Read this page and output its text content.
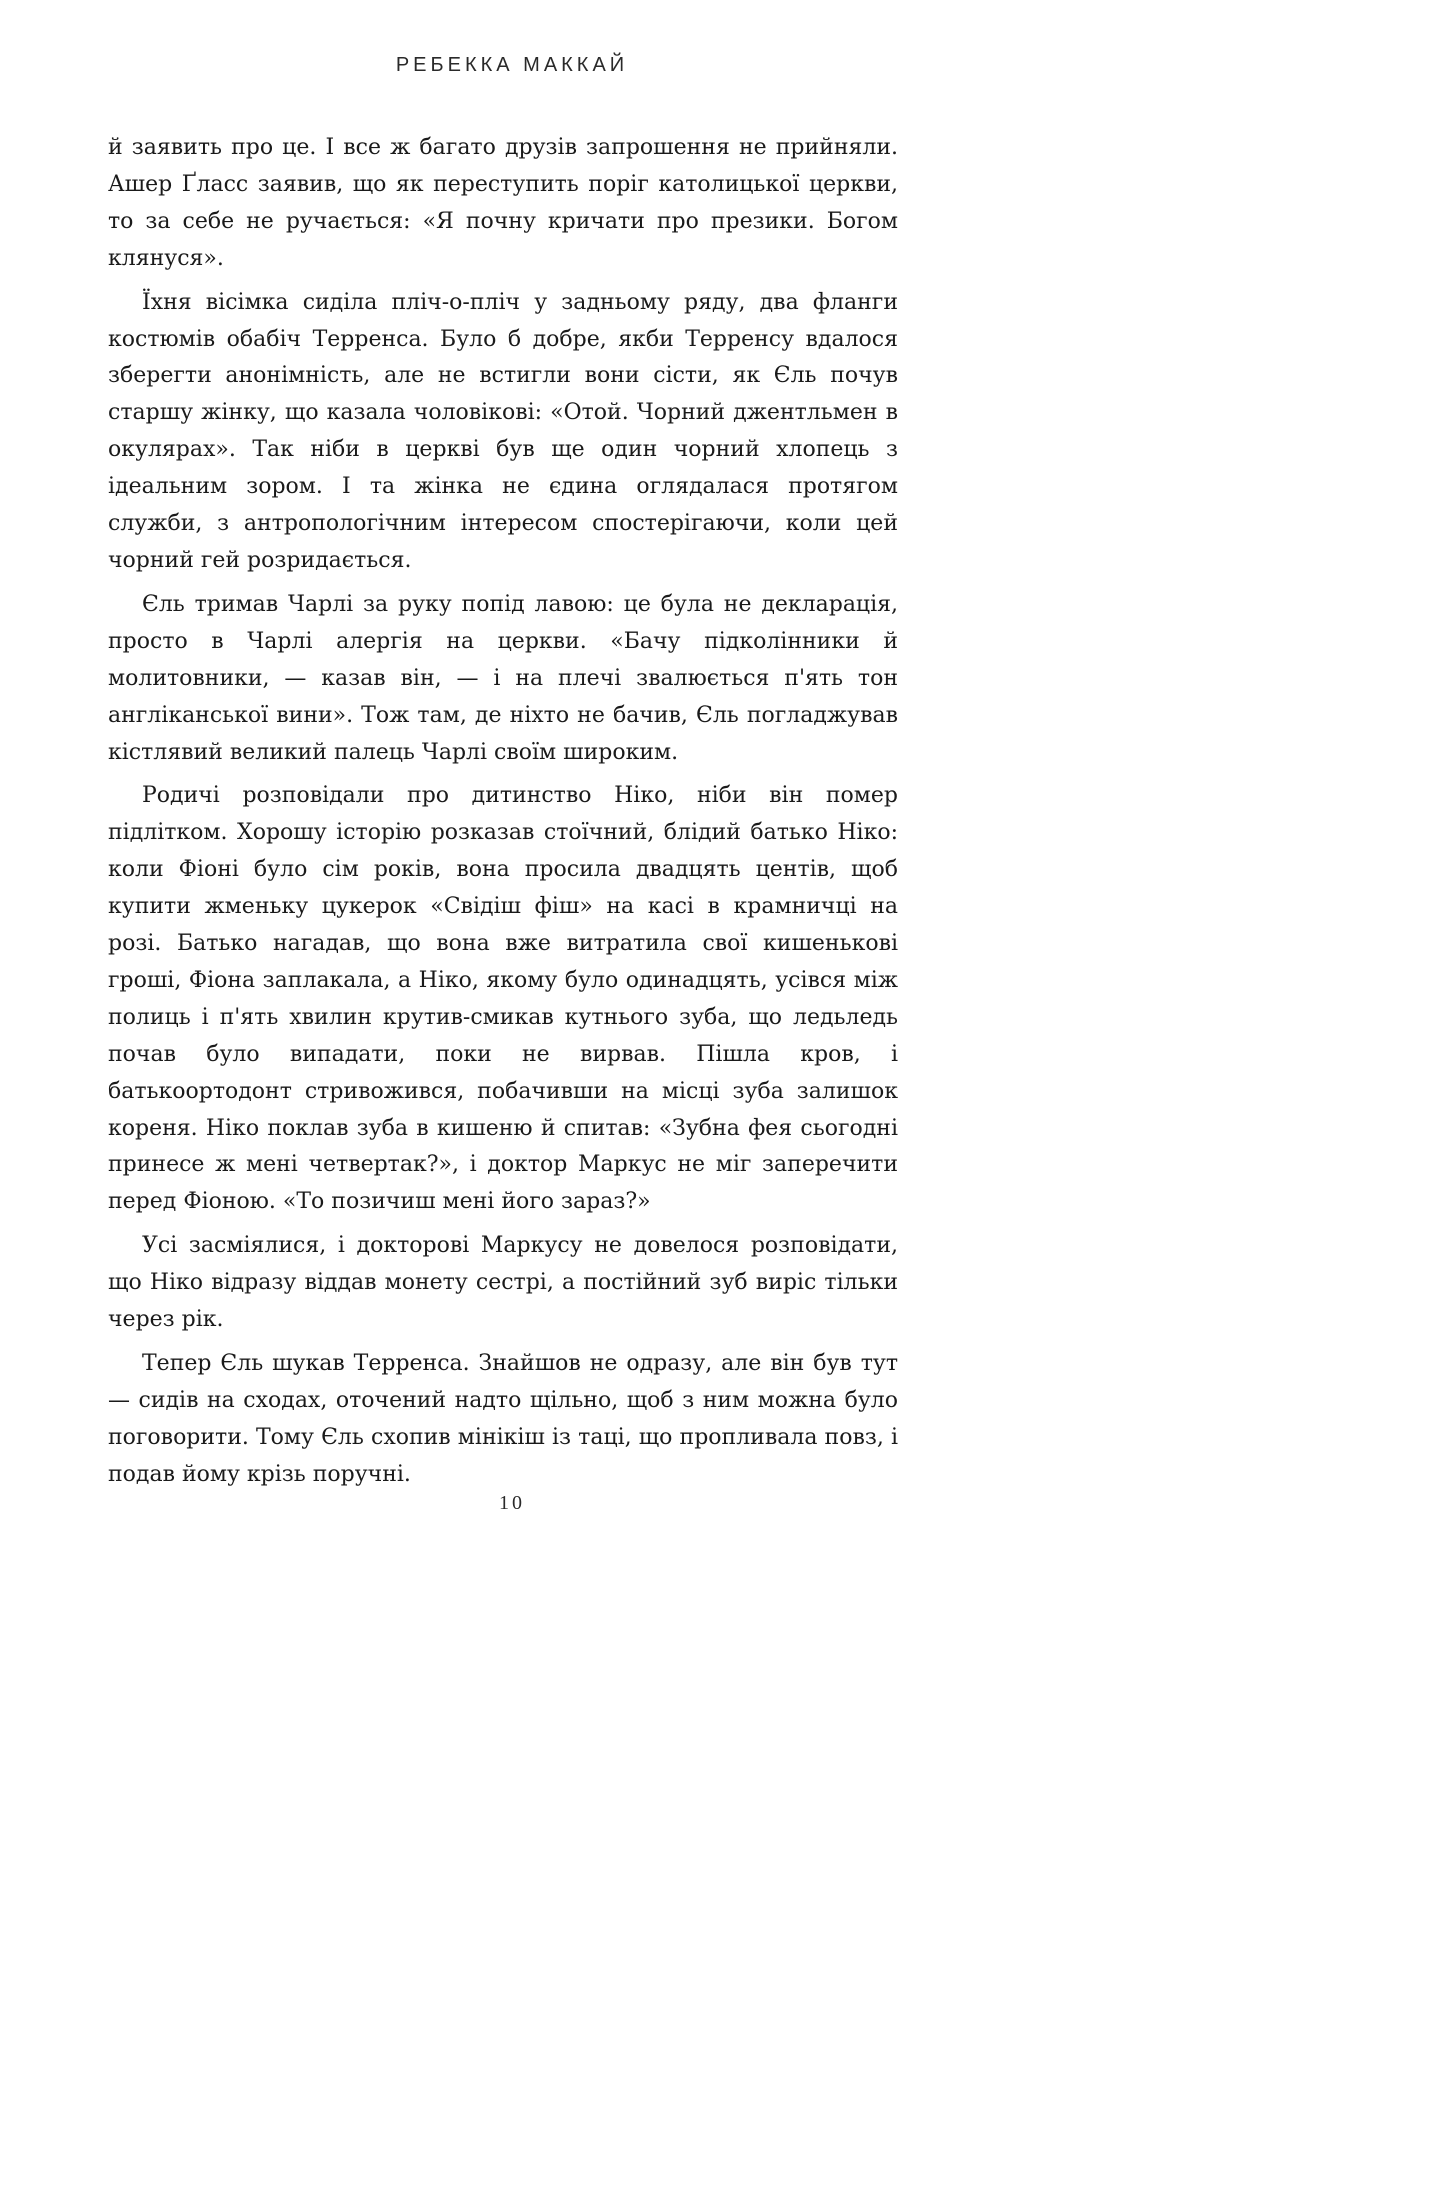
РЕБЕККА МАККАЙ

й заявить про це. І все ж багато друзів запрошення не прийняли. Ашер Ґласс заявив, що як переступить поріг католицької церкви, то за себе не ручається: «Я почну кричати про презики. Богом клянуся».

Їхня вісімка сиділа пліч-о-пліч у задньому ряду, два фланги костюмів обабіч Терренса. Було б добре, якби Терренсу вдалося зберегти анонімність, але не встигли вони сісти, як Єль почув старшу жінку, що казала чоловікові: «Отой. Чорний джентльмен в окулярах». Так ніби в церкві був ще один чорний хлопець з ідеальним зором. І та жінка не єдина оглядалася протягом служби, з антропологічним інтересом спостерігаючи, коли цей чорний гей розридається.

Єль тримав Чарлі за руку попід лавою: це була не декларація, просто в Чарлі алергія на церкви. «Бачу підколінники й молитовники, — казав він, — і на плечі звалюється п'ять тон англіканської вини». Тож там, де ніхто не бачив, Єль погладжував кістлявий великий палець Чарлі своїм широким.

Родичі розповідали про дитинство Ніко, ніби він помер підлітком. Хорошу історію розказав стоїчний, блідий батько Ніко: коли Фіоні було сім років, вона просила двадцять центів, щоб купити жменьку цукерок «Свідіш фіш» на касі в крамничці на розі. Батько нагадав, що вона вже витратила свої кишенькові гроші, Фіона заплакала, а Ніко, якому було одинадцять, усівся між полиць і п'ять хвилин крутив-смикав кутнього зуба, що ледьледь почав було випадати, поки не вирвав. Пішла кров, і батькоортодонт стривожився, побачивши на місці зуба залишок кореня. Ніко поклав зуба в кишеню й спитав: «Зубна фея сьогодні принесе ж мені четвертак?», і доктор Маркус не міг заперечити перед Фіоною. «То позичиш мені його зараз?»

Усі засміялися, і докторові Маркусу не довелося розповідати, що Ніко відразу віддав монету сестрі, а постійний зуб виріс тільки через рік.

Тепер Єль шукав Терренса. Знайшов не одразу, але він був тут — сидів на сходах, оточений надто щільно, щоб з ним можна було поговорити. Тому Єль схопив мінікіш із таці, що пропливала повз, і подав йому крізь поручні.

10
